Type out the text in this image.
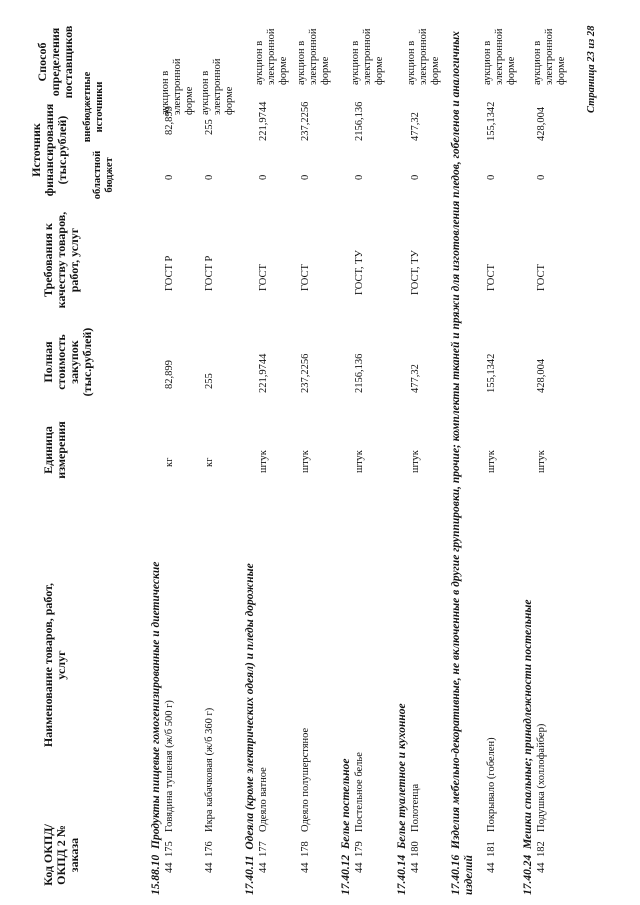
Код ОКПД/ ОКПД 2 № заказа
Наименование товаров, работ, услуг
Единица измерения
Полная стоимость закупок (тыс.рублей)
Требования к качеству товаров, работ, услуг
Источник финансирования (тыс.рублей) областной бюджет
внебюджетные источники
Способ определения поставщиков
15.88.10  Продукты пищевые гомогенизированные и диетические
44
175
Говядина тушеная (ж/б 500 г)
кг
82,899
ГОСТ Р
0
82,899
аукцион в электронной форме
44
176
Икра кабачковая (ж/б 360 г)
кг
255
ГОСТ Р
0
255
аукцион в электронной форме
17.40.11  Одеяла (кроме электрических одеял) и пледы дорожные
44
177
Одеяло ватное
штук
221,9744
ГОСТ
0
221,9744
аукцион в электронной форме
44
178
Одеяло полушерстяное
штук
237,2256
ГОСТ
0
237,2256
аукцион в электронной форме
17.40.12  Белье постельное
44
179
Постельное белье
штук
2156,136
ГОСТ, ТУ
0
2156,136
аукцион в электронной форме
17.40.14  Белье туалетное и кухонное
44
180
Полотенца
штук
477,32
ГОСТ, ТУ
0
477,32
аукцион в электронной форме
17.40.16  Изделия мебельно-декоративные, не включенные в другие группировки, прочие; комплекты тканей и пряжи для изготовления пледов, гобеленов и аналогичных изделий 44
181
Покрывало (гобелен)
штук
155,1342
ГОСТ
0
155,1342
аукцион в электронной форме
17.40.24  Мешки спальные; принадлежности постельные
44
182
Подушка (холлофайбер)
штук
428,004
ГОСТ
0
428,004
аукцион в электронной форме Страница 23 из 28
